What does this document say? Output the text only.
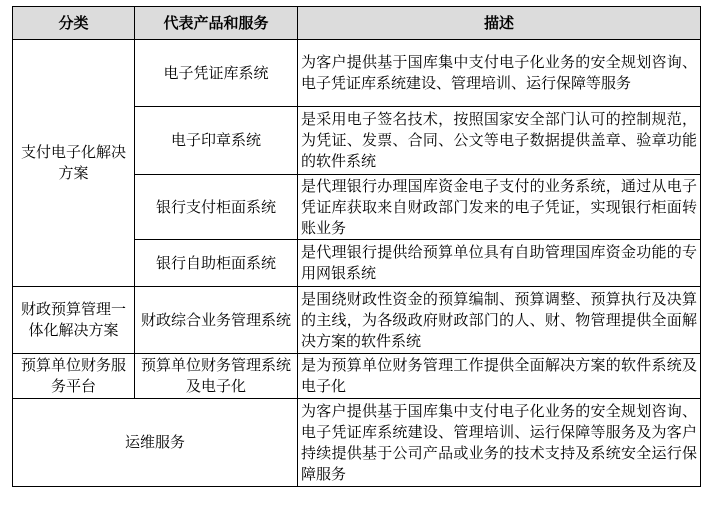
分类	代表产品和服务	描述
支付电子化解决方案	电子凭证库系统	为客户提供基于国库集中支付电子化业务的安全规划咨询、电子凭证库系统建设、管理培训、运行保障等服务
	电子印章系统	是采用电子签名技术，按照国家安全部门认可的控制规范，为凭证、发票、合同、公文等电子数据提供盖章、验章功能的软件系统
	银行支付柜面系统	是代理银行办理国库资金电子支付的业务系统，通过从电子凭证库获取来自财政部门发来的电子凭证，实现银行柜面转账业务
	银行自助柜面系统	是代理银行提供给预算单位具有自助管理国库资金功能的专用网银系统
财政预算管理一体化解决方案	财政综合业务管理系统	是围绕财政性资金的预算编制、预算调整、预算执行及决算的主线，为各级政府财政部门的人、财、物管理提供全面解决方案的软件系统
预算单位财务服务平台	预算单位财务管理系统及电子化	是为预算单位财务管理工作提供全面解决方案的软件系统及电子化
运维服务		为客户提供基于国库集中支付电子化业务的安全规划咨询、电子凭证库系统建设、管理培训、运行保障等服务及为客户持续提供基于公司产品或业务的技术支持及系统安全运行保障服务
